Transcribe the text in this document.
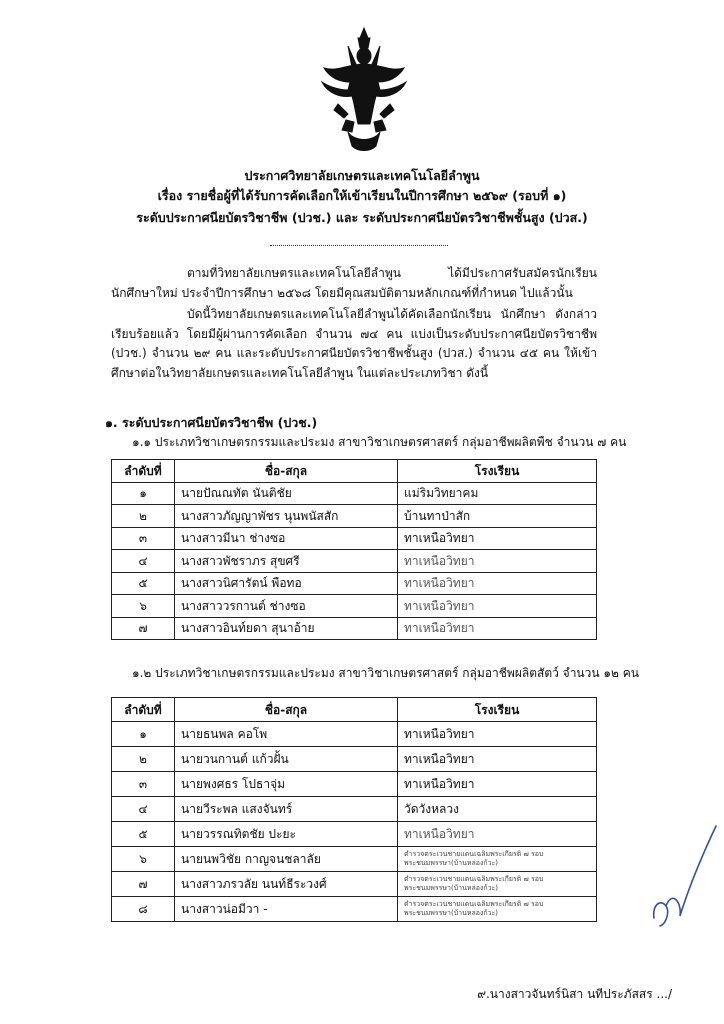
ประกาศวิทยาลัยเกษตรและเทคโนโลยีลำพูน
เรื่อง รายชื่อผู้ที่ได้รับการคัดเลือกให้เข้าเรียนในปีการศึกษา ๒๕๖๙ (รอบที่ ๑)
ระดับประกาศนียบัตรวิชาชีพ (ปวช.) และ ระดับประกาศนียบัตรวิชาชีพชั้นสูง (ปวส.)
ตามที่วิทยาลัยเกษตรและเทคโนโลยีลำพูน ได้มีประกาศรับสมัครนักเรียน นักศึกษาใหม่ ประจำปีการศึกษา ๒๕๖๘ โดยมีคุณสมบัติตามหลักเกณฑ์ที่กำหนด ไปแล้วนั้น
บัดนี้วิทยาลัยเกษตรและเทคโนโลยีลำพูนได้คัดเลือกนักเรียน นักศึกษา ดังกล่าวเรียบร้อยแล้ว โดยมีผู้ผ่านการคัดเลือก จำนวน ๗๔ คน แบ่งเป็นระดับประกาศนียบัตรวิชาชีพ (ปวช.) จำนวน ๒๙ คน และระดับประกาศนียบัตรวิชาชีพชั้นสูง (ปวส.) จำนวน ๔๕ คน ให้เข้าศึกษาต่อในวิทยาลัยเกษตรและเทคโนโลยีลำพูน ในแต่ละประเภทวิชา ดังนี้
๑. ระดับประกาศนียบัตรวิชาชีพ (ปวช.)
๑.๑ ประเภทวิชาเกษตรกรรมและประมง สาขาวิชาเกษตรศาสตร์ กลุ่มอาชีพผลิตพืช จำนวน ๗ คน
ลำดับที่	ชื่อ-สกุล	โรงเรียน
๑	นายปัณณทัต นันติชัย	แม่ริมวิทยาคม
๒	นางสาวภัญญาพัชร นุนพนัสสัก	บ้านทาป่าสัก
๓	นางสาวมีนา ช่างซอ	ทาเหนือวิทยา
๔	นางสาวพัชราภร สุขศรี	ทาเหนือวิทยา
๕	นางสาวนิศารัตน์ พือทอ	ทาเหนือวิทยา
๖	นางสาววรกานต์ ช่างซอ	ทาเหนือวิทยา
๗	นางสาวอินท์ยดา สุนาอ้าย	ทาเหนือวิทยา
๑.๒ ประเภทวิชาเกษตรกรรมและประมง สาขาวิชาเกษตรศาสตร์ กลุ่มอาชีพผลิตสัตว์ จำนวน ๑๒ คน
ลำดับที่	ชื่อ-สกุล	โรงเรียน
๑	นายธนพล คอโพ	ทาเหนือวิทยา
๒	นายวนกานต์ แก้วฝั้น	ทาเหนือวิทยา
๓	นายพงศธร โปธาจุ่ม	ทาเหนือวิทยา
๔	นายวีระพล แสงจันทร์	วัดวังหลวง
๕	นายวรรณทิตชัย ปะยะ	ทาเหนือวิทยา
๖	นายนพวิชัย กาญจนชลาลัย	ตำรวจตระเวนชายแดนเฉลิมพระเกียรติ ๗ รอบ พระชนมพรรษา(บ้านหล่องก้วะ)
๗	นางสาวภรวลัย นนท์ธีระวงศ์	ตำรวจตระเวนชายแดนเฉลิมพระเกียรติ ๗ รอบ พระชนมพรรษา(บ้านหล่องก้วะ)
๘	นางสาวน่อมีวา -	ตำรวจตระเวนชายแดนเฉลิมพระเกียรติ ๗ รอบ พระชนมพรรษา(บ้านหล่องก้วะ)
๙.นางสาวจันทร์นิสา นทีประภัสสร .../
